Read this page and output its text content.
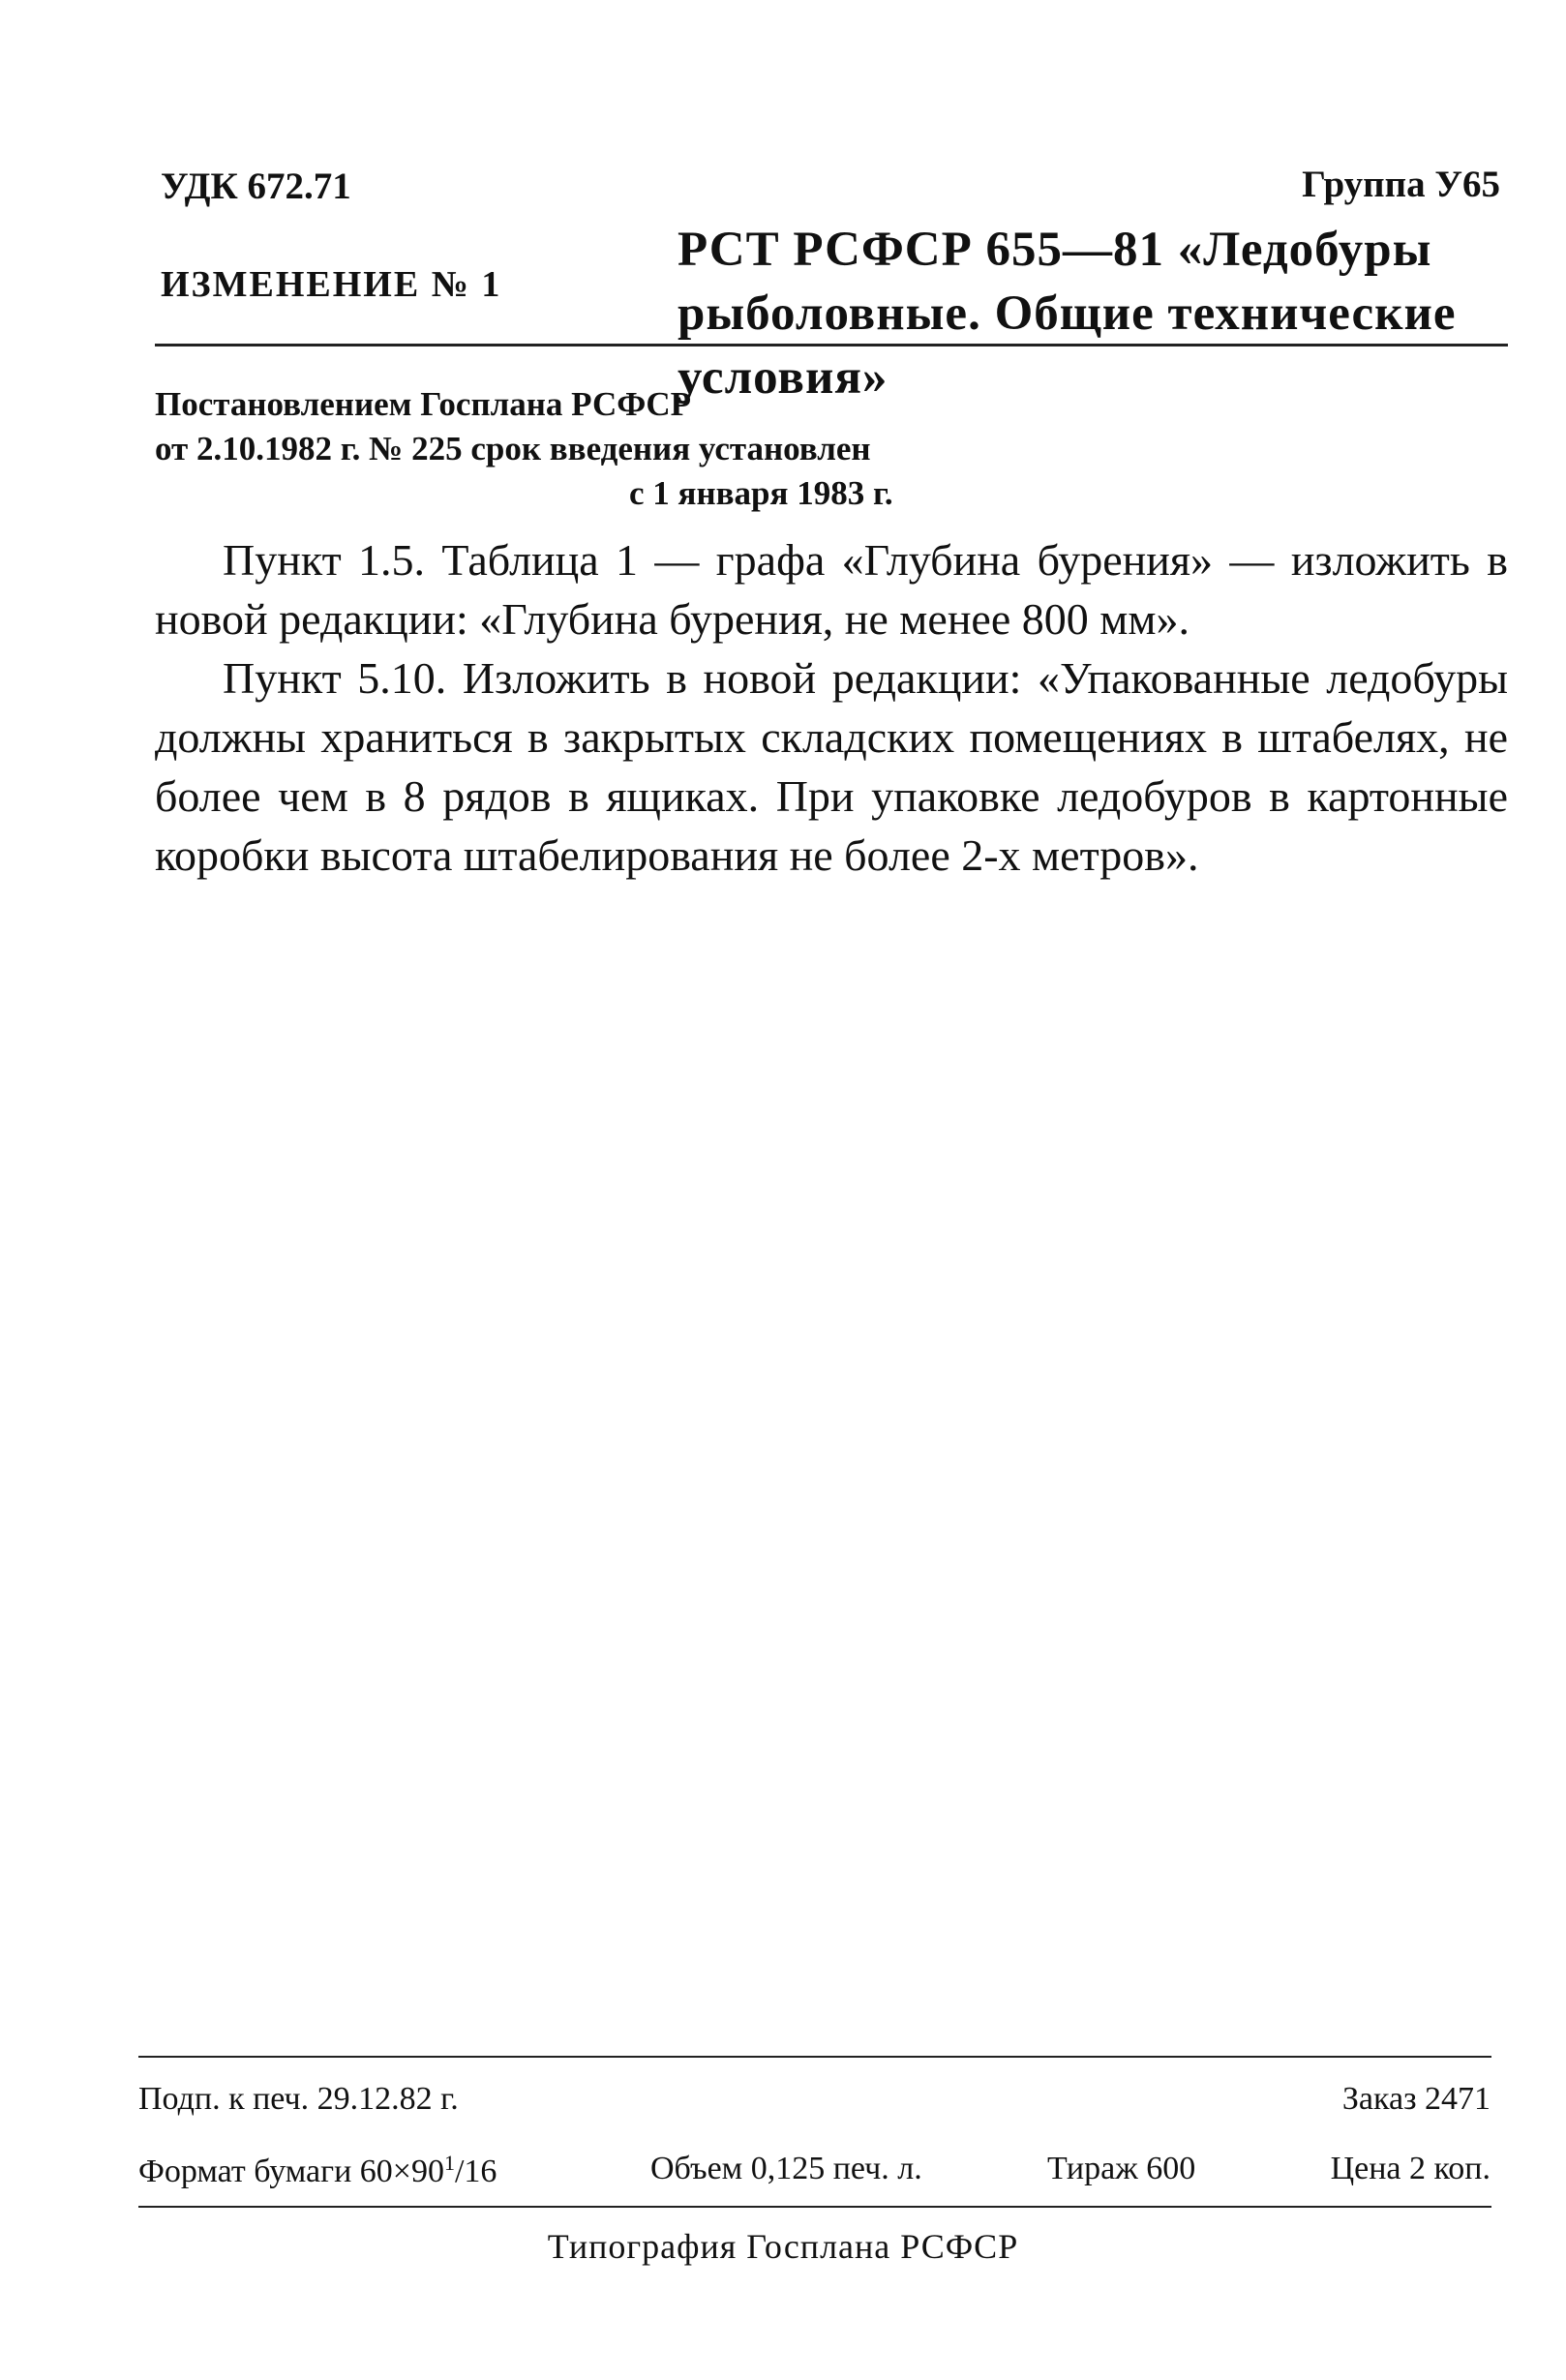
УДК 672.71	Группа У65
ИЗМЕНЕНИЕ № 1
РСТ РСФСР 655—81 «Ледобуры рыболовные. Общие технические условия»
Постановлением Госплана РСФСР
от 2.10.1982 г. № 225 срок введения установлен

с 1 января 1983 г.

Пункт 1.5. Таблица 1 — графа «Глубина бурения» — изложить в новой редакции: «Глубина бурения, не менее 800 мм».

Пункт 5.10. Изложить в новой редакции: «Упакованные ледобуры должны храниться в закрытых складских помещениях в штабелях, не более чем в 8 рядов в ящиках. При упаковке ледобуров в картонные коробки высота штабелирования не более 2-х метров».

Подп. к печ. 29.12.82 г.	Заказ 2471
Формат бумаги $60\times 90^1/16$	Объем 0,125 печ. л.	Тираж 600	Цена 2 коп.
Типография Госплана РСФСР
